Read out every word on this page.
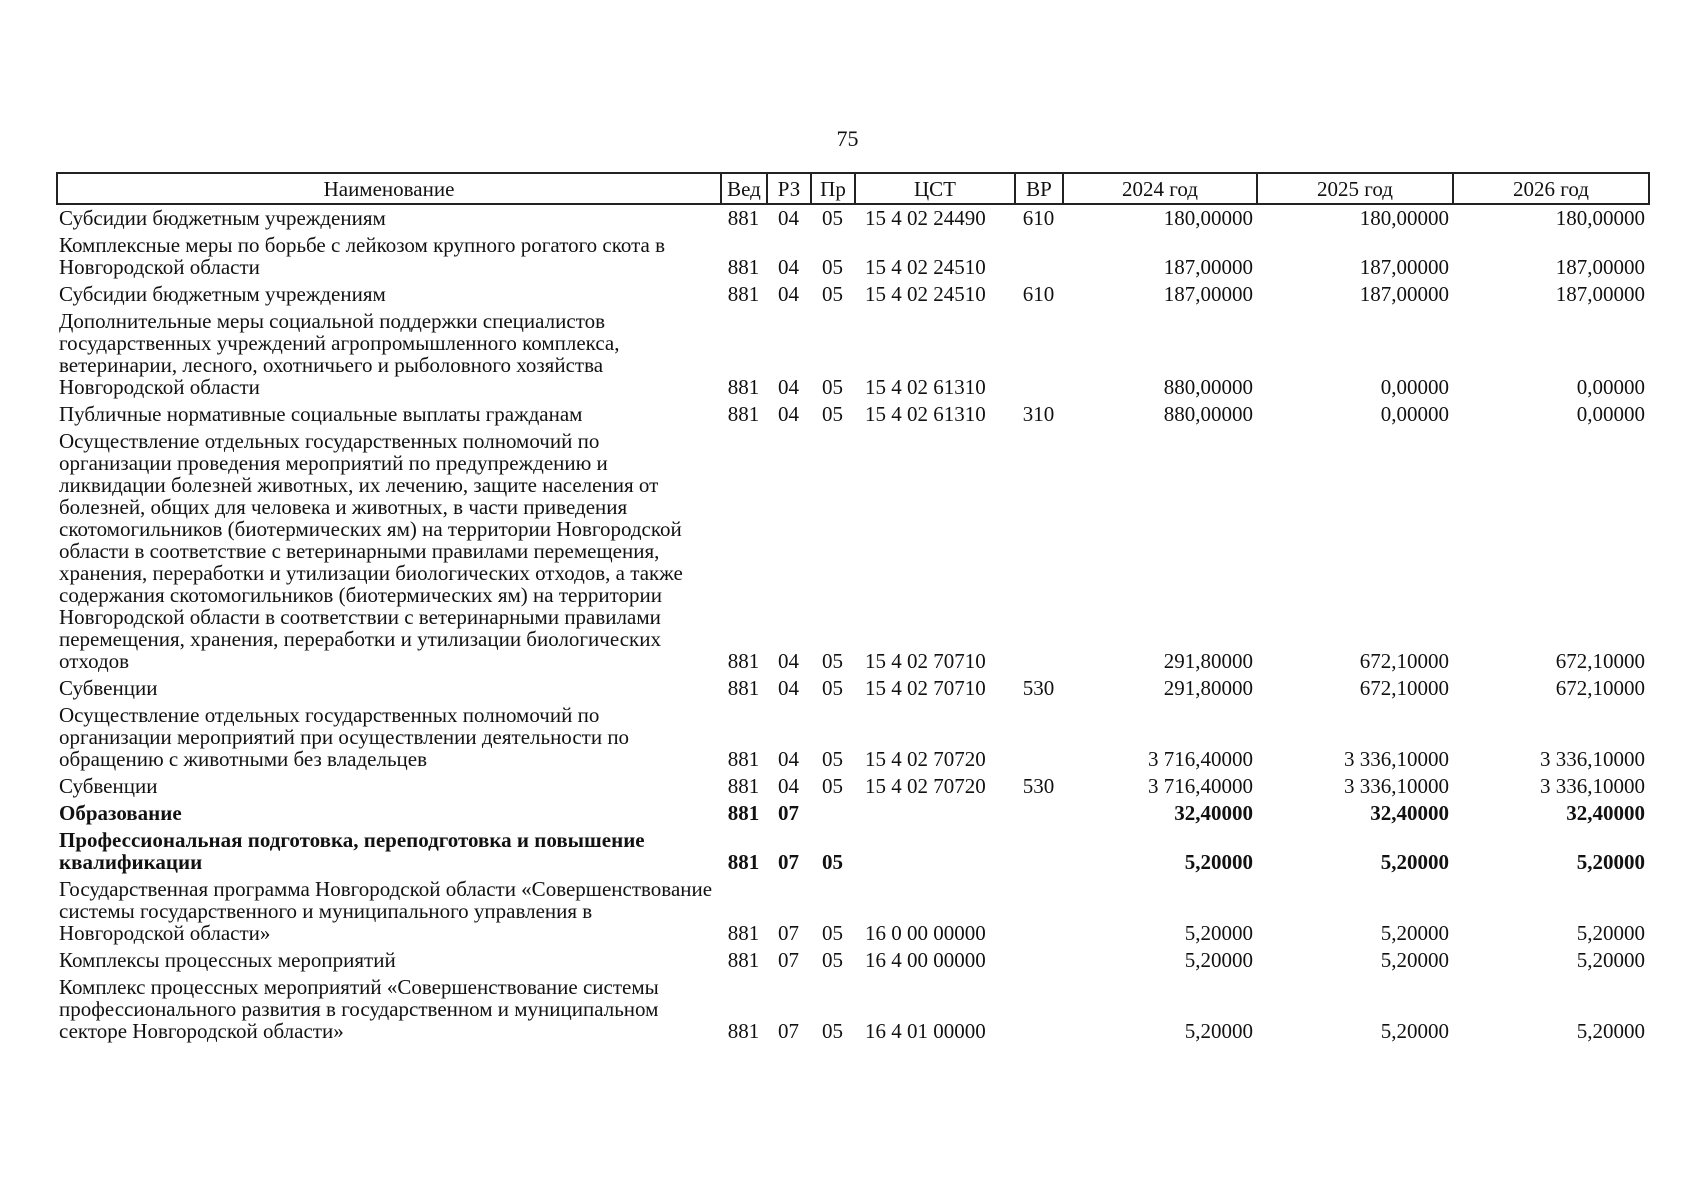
75
Наименование	Вед	РЗ	Пр	ЦСТ	ВР	2024 год	2025 год	2026 год
Субсидии бюджетным учреждениям	881	04	05	15 4 02 24490	610	180,00000	180,00000	180,00000
Комплексные меры по борьбе с лейкозом крупного рогатого скота в Новгородской области	881	04	05	15 4 02 24510		187,00000	187,00000	187,00000
Субсидии бюджетным учреждениям	881	04	05	15 4 02 24510	610	187,00000	187,00000	187,00000
Дополнительные меры социальной поддержки специалистов государственных учреждений агропромышленного комплекса, ветеринарии, лесного, охотничьего и рыболовного хозяйства Новгородской области	881	04	05	15 4 02 61310		880,00000	0,00000	0,00000
Публичные нормативные социальные выплаты гражданам	881	04	05	15 4 02 61310	310	880,00000	0,00000	0,00000
Осуществление отдельных государственных полномочий по организации проведения мероприятий по предупреждению и ликвидации болезней животных, их лечению, защите населения от болезней, общих для человека и животных, в части приведения скотомогильников (биотермических ям) на территории Новгородской области в соответствие с ветеринарными правилами перемещения, хранения, переработки и утилизации биологических отходов, а также содержания скотомогильников (биотермических ям) на территории Новгородской области в соответствии с ветеринарными правилами перемещения, хранения, переработки и утилизации биологических отходов	881	04	05	15 4 02 70710		291,80000	672,10000	672,10000
Субвенции	881	04	05	15 4 02 70710	530	291,80000	672,10000	672,10000
Осуществление отдельных государственных полномочий по организации мероприятий при осуществлении деятельности по обращению с животными без владельцев	881	04	05	15 4 02 70720		3 716,40000	3 336,10000	3 336,10000
Субвенции	881	04	05	15 4 02 70720	530	3 716,40000	3 336,10000	3 336,10000
Образование	881	07				32,40000	32,40000	32,40000
Профессиональная подготовка, переподготовка и повышение квалификации	881	07	05			5,20000	5,20000	5,20000
Государственная программа Новгородской области «Совершенствование системы государственного и муниципального управления в Новгородской области»	881	07	05	16 0 00 00000		5,20000	5,20000	5,20000
Комплексы процессных мероприятий	881	07	05	16 4 00 00000		5,20000	5,20000	5,20000
Комплекс процессных мероприятий «Совершенствование системы профессионального развития в государственном и муниципальном секторе Новгородской области»	881	07	05	16 4 01 00000		5,20000	5,20000	5,20000
